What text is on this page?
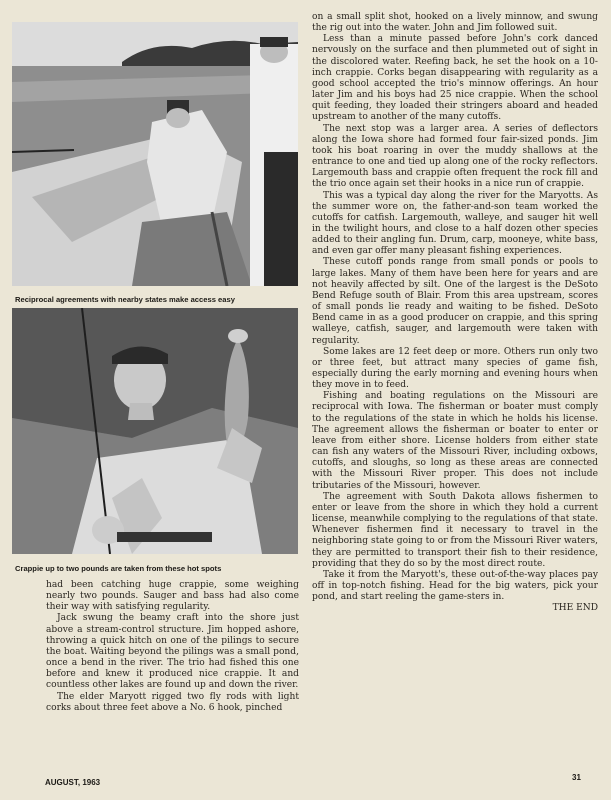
Reciprocal agreements with nearby states make access easy
Crappie up to two pounds are taken from these hot spots

had been catching huge crappie, some weighing nearly two pounds. Sauger and bass had also come their way with satisfying regularity.

Jack swung the beamy craft into the shore just above a stream-control structure. Jim hopped ashore, throwing a quick hitch on one of the pilings to secure the boat. Waiting beyond the pilings was a small pond, once a bend in the river. The trio had fished this one before and knew it produced nice crappie. It and countless other lakes are found up and down the river.

The elder Maryott rigged two fly rods with light corks about three feet above a No. 6 hook, pinched

on a small split shot, hooked on a lively minnow, and swung the rig out into the water. John and Jim followed suit.

Less than a minute passed before John's cork danced nervously on the surface and then plummeted out of sight in the discolored water. Reefing back, he set the hook on a 10-inch crappie. Corks began disappearing with regularity as a good school accepted the trio's minnow offerings. An hour later Jim and his boys had 25 nice crappie. When the school quit feeding, they loaded their stringers aboard and headed upstream to another of the many cutoffs.

The next stop was a larger area. A series of deflectors along the Iowa shore had formed four fair-sized ponds. Jim took his boat roaring in over the muddy shallows at the entrance to one and tied up along one of the rocky reflectors. Largemouth bass and crappie often frequent the rock fill and the trio once again set their hooks in a nice run of crappie.

This was a typical day along the river for the Maryotts. As the summer wore on, the father-and-son team worked the cutoffs for catfish. Largemouth, walleye, and sauger hit well in the twilight hours, and close to a half dozen other species added to their angling fun. Drum, carp, mooneye, white bass, and even gar offer many pleasant fishing experiences.

These cutoff ponds range from small ponds or pools to large lakes. Many of them have been here for years and are not heavily affected by silt. One of the largest is the DeSoto Bend Refuge south of Blair. From this area upstream, scores of small ponds lie ready and waiting to be fished. DeSoto Bend came in as a good producer on crappie, and this spring walleye, catfish, sauger, and largemouth were taken with regularity.

Some lakes are 12 feet deep or more. Others run only two or three feet, but attract many species of game fish, especially during the early morning and evening hours when they move in to feed.

Fishing and boating regulations on the Missouri are reciprocal with Iowa. The fisherman or boater must comply to the regulations of the state in which he holds his license. The agreement allows the fisherman or boater to enter or leave from either shore. License holders from either state can fish any waters of the Missouri River, including oxbows, cutoffs, and sloughs, so long as these areas are connected with the Missouri River proper. This does not include tributaries of the Missouri, however.

The agreement with South Dakota allows fishermen to enter or leave from the shore in which they hold a current license, meanwhile complying to the regulations of that state. Whenever fishermen find it necessary to travel in the neighboring state going to or from the Missouri River waters, they are permitted to transport their fish to their residence, providing that they do so by the most direct route.

Take it from the Maryott's, these out-of-the-way places pay off in top-notch fishing. Head for the big waters, pick your pond, and start reeling the game-sters in.

THE END

AUGUST, 1963
31
